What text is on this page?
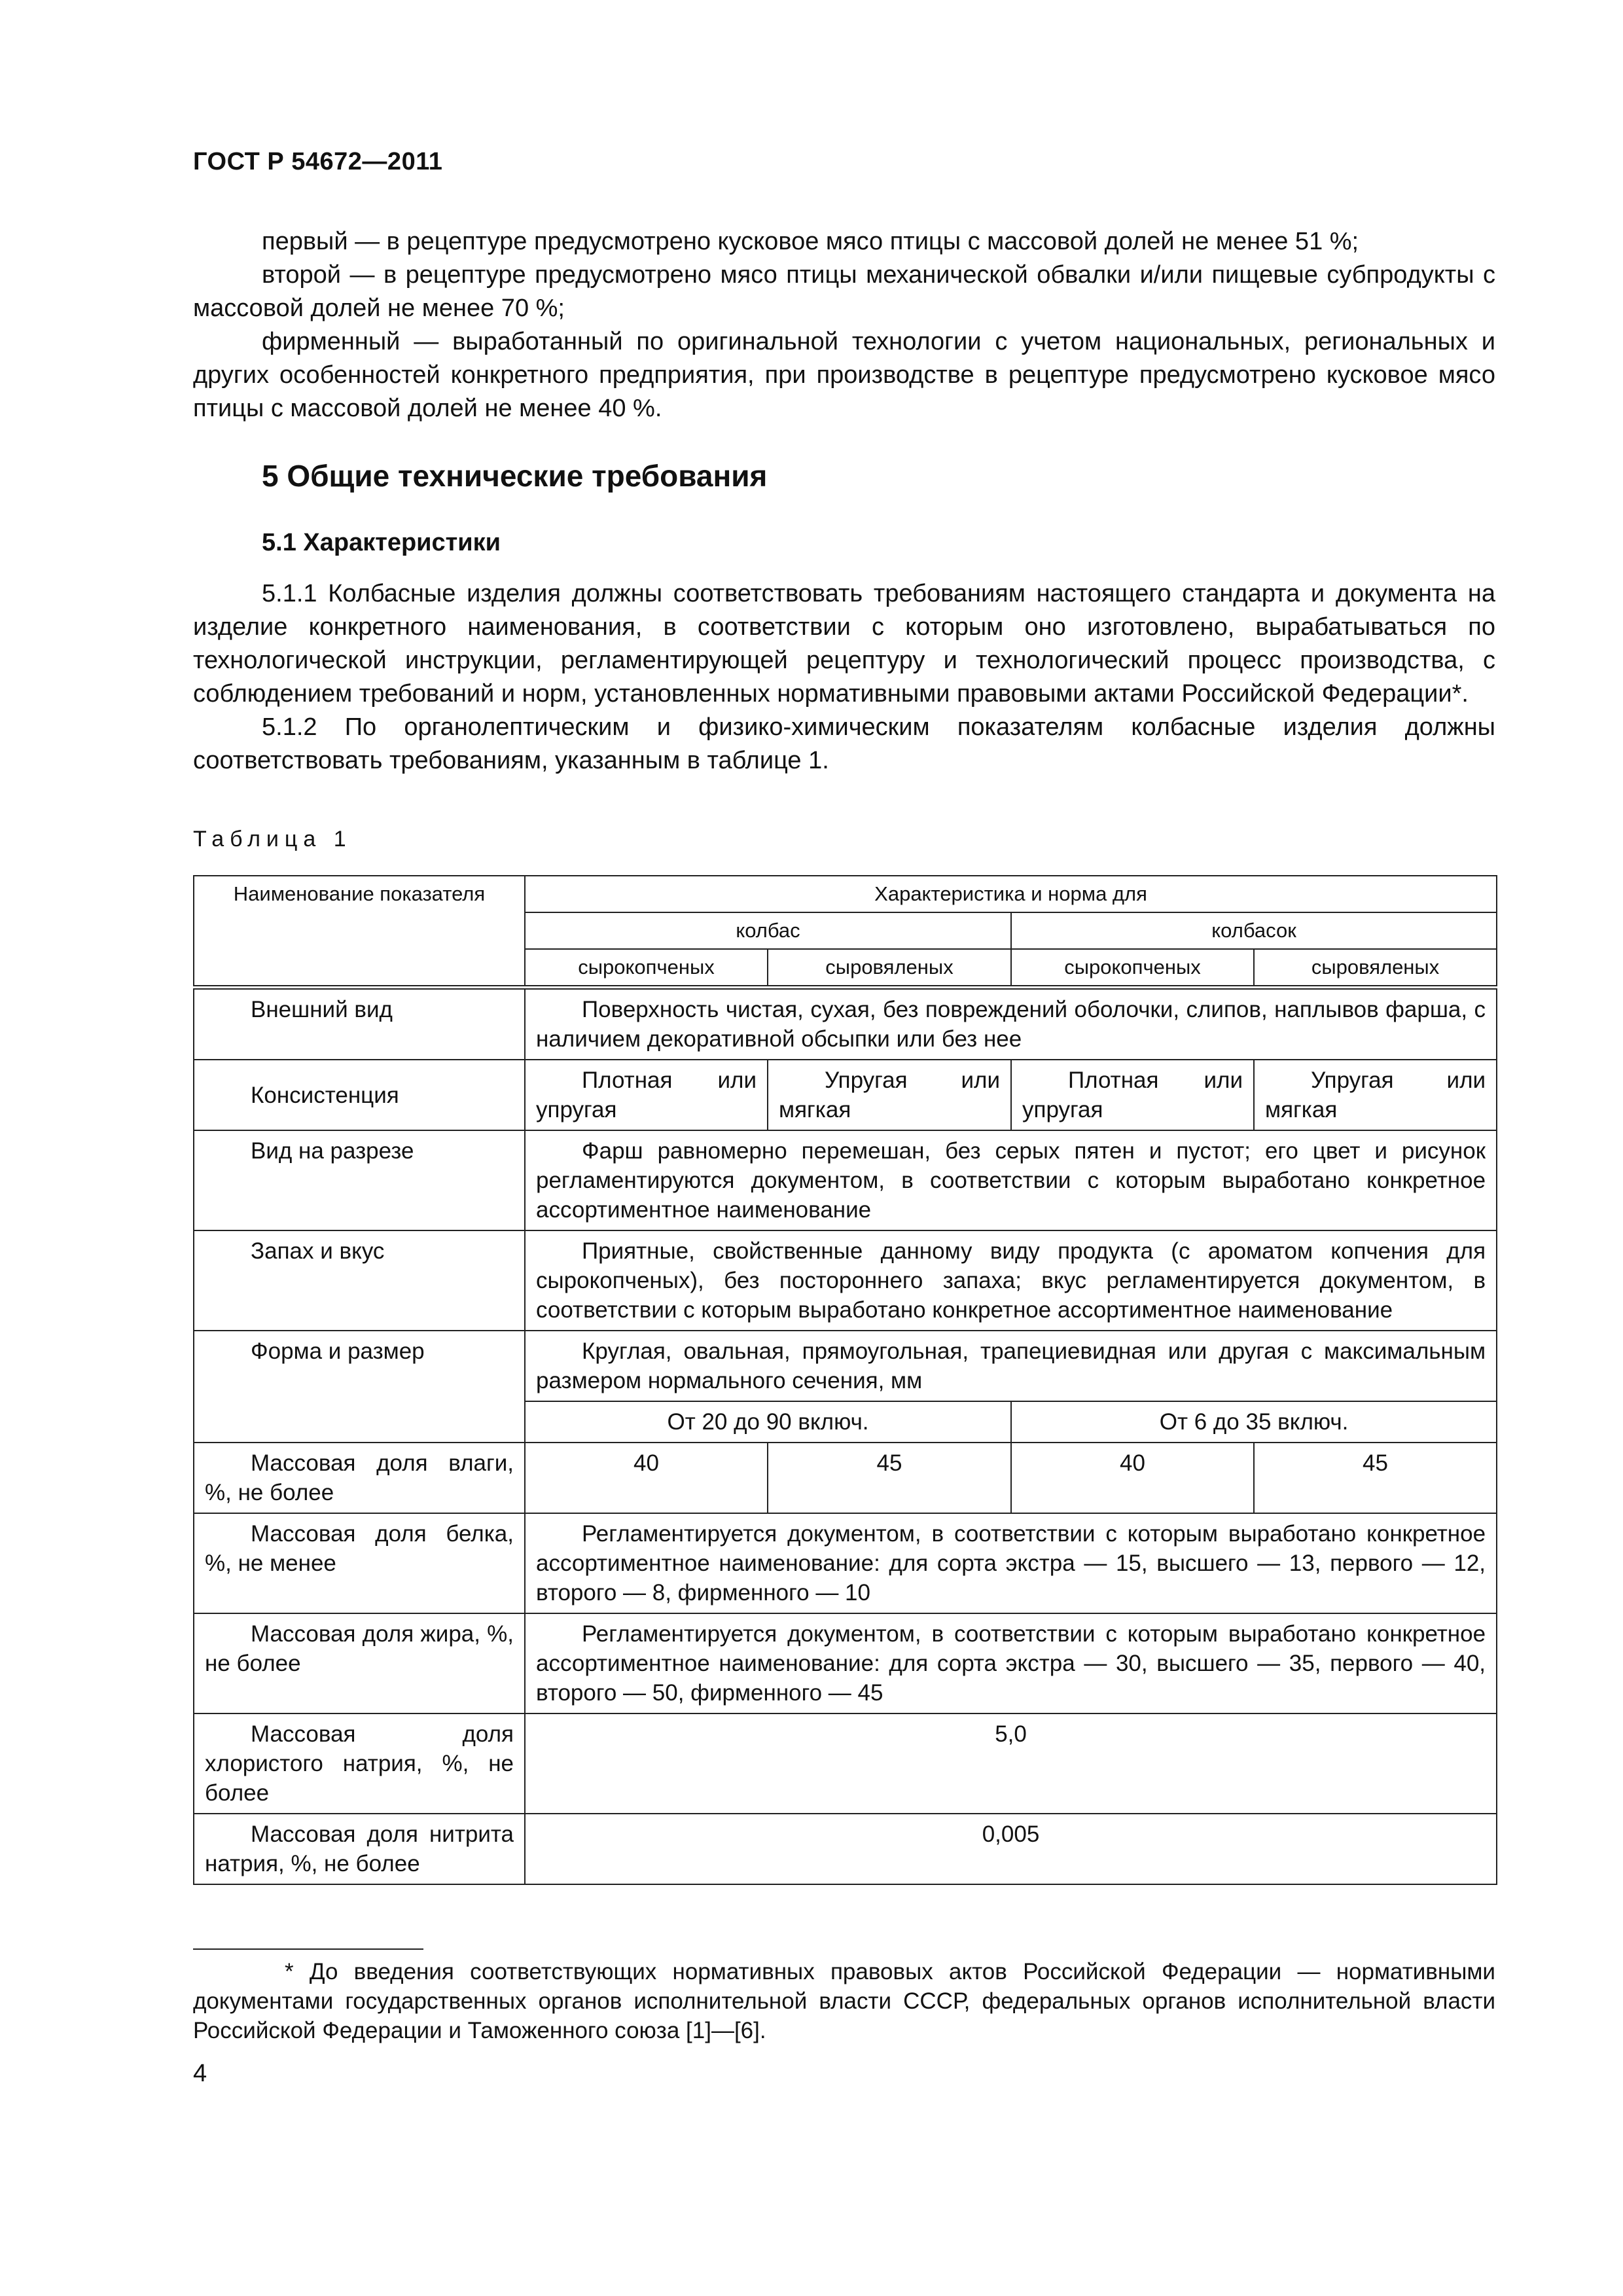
ГОСТ Р 54672—2011

первый — в рецептуре предусмотрено кусковое мясо птицы с массовой долей не менее 51 %;

второй — в рецептуре предусмотрено мясо птицы механической обвалки и/или пищевые субпродукты с массовой долей не менее 70 %;

фирменный — выработанный по оригинальной технологии с учетом национальных, региональных и других особенностей конкретного предприятия, при производстве в рецептуре предусмотрено кусковое мясо птицы с массовой долей не менее 40 %.

5 Общие технические требования
5.1 Характеристики

5.1.1 Колбасные изделия должны соответствовать требованиям настоящего стандарта и документа на изделие конкретного наименования, в соответствии с которым оно изготовлено, вырабатываться по технологической инструкции, регламентирующей рецептуру и технологический процесс производства, с соблюдением требований и норм, установленных нормативными правовыми актами Российской Федерации*.

5.1.2 По органолептическим и физико-химическим показателям колбасные изделия должны соответствовать требованиям, указанным в таблице 1.

Таблица 1
Наименование показателя	Характеристика и норма для			
	колбас		колбасок	
	сырокопченых	сыровяленых	сырокопченых	сыровяленых
Внешний вид	Поверхность чистая, сухая, без повреждений оболочки, слипов, наплывов фарша, с наличием декоративной обсыпки или без нее			
Консистенция	Плотная или упругая	Упругая или мягкая	Плотная или упругая	Упругая или мягкая
Вид на разрезе	Фарш равномерно перемешан, без серых пятен и пустот; его цвет и рисунок регламентируются документом, в соответствии с которым выработано конкретное ассортиментное наименование			
Запах и вкус	Приятные, свойственные данному виду продукта (с ароматом копчения для сырокопченых), без постороннего запаха; вкус регламентируется документом, в соответствии с которым выработано конкретное ассортиментное наименование			
Форма и размер	Круглая, овальная, прямоугольная, трапециевидная или другая с максимальным размером нормального сечения, мм			
	От 20 до 90 включ.		От 6 до 35 включ.	
Массовая доля влаги, %, не более	40	45	40	45
Массовая доля белка, %, не менее	Регламентируется документом, в соответствии с которым выработано конкретное ассортиментное наименование: для сорта экстра — 15, высшего — 13, первого — 12, второго — 8, фирменного — 10			
Массовая доля жира, %, не более	Регламентируется документом, в соответствии с которым выработано конкретное ассортиментное наименование: для сорта экстра — 30, высшего — 35, первого — 40, второго — 50, фирменного — 45			
Массовая доля хлористого натрия, %, не более	5,0			
Массовая доля нитрита натрия, %, не более	0,005			
* До введения соответствующих нормативных правовых актов Российской Федерации — нормативными документами государственных органов исполнительной власти СССР, федеральных органов исполнительной власти Российской Федерации и Таможенного союза [1]—[6].
4
